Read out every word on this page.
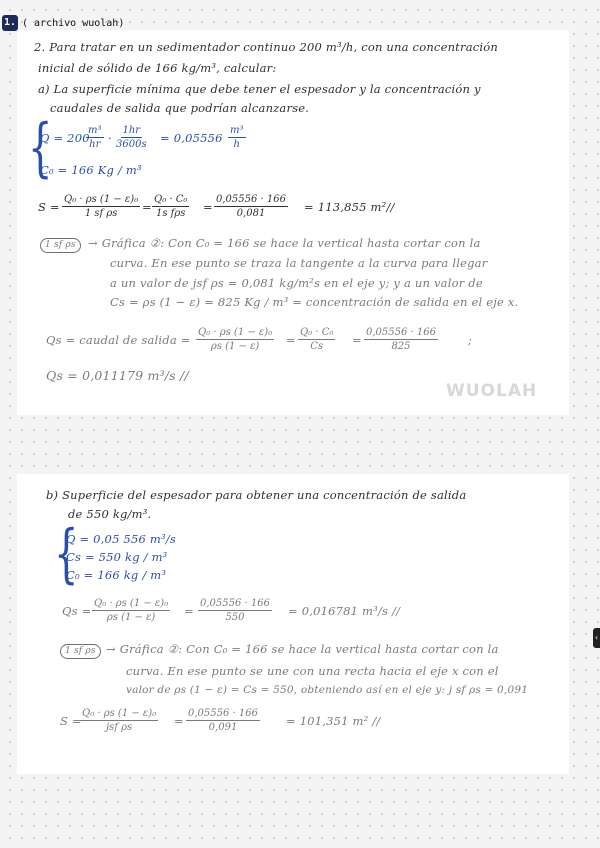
1. ( archivo wuolah)
2. Para tratar en un sedimentador continuo 200 m³/h, con una concentración
inicial de sólido de 166 kg/m³, calcular:
a) La superficie mínima que debe tener el espesador y la concentración y
caudales de salida que podrían alcanzarse.
{
Q = 200
$\frac{\text{m³}}{hr} \cdot \frac{1hr}{3600s} = 0,05556 \frac{\text{m³}}{h}$
C₀ = 166 Kg / m³
$S = \frac{\text{Q₀ · ρs (1 − ε)₀}}{\text{1 sf ρs}}$ =
Q₀ · C₀
1s $f\rho s = \frac{0,05556 \cdot 166}{0,081} = 113,855$ m²//
1 sf ρs	→ Gráfica ②: Con C₀ = 166 se hace la vertical hasta cortar con la
curva. En ese punto se traza la tangente a la curva para llegar
a un valor de jsf ρs = 0,081 kg/m²s en el eje y; y a un valor de
Cs = ρs (1 − ε) = 825 Kg / m³ = concentración de salida en el eje x.
Qs = caudal de salida = $\frac{\text{Q₀ · ρs (1 − ε)₀}}{\rho s (1 - \varepsilon)} = \frac{\text{Q₀ · C₀}}{Cs} = \frac{0,05556 \cdot 166}{825}$	;
Qs = 0,011179 m³/s //
WUOLAH
b) Superficie del espesador para obtener una concentración de salida
de 550 kg/m³.
{
Q = 0,05 556 m³/s
Cs = 550 kg / m³
C₀ = 166 kg / m³
$Qs = \frac{\text{Q₀ · ρs (1 − ε)₀}}{\rho s (1 - \varepsilon)} = \frac{0,05556 \cdot 166}{550} = 0,016781$ m³/s //
1 sf ρs → Gráfica ②: Con C₀ = 166 se hace la vertical hasta cortar con la
curva. En ese punto se une con una recta hacia el eje x con el
valor de ρs (1 − ε) = Cs = 550, obteniendo así en el eje y: j sf ρs = 0,091
S =
Q₀ · ρs (1 − ε)₀
jsf ρs	= $\frac{0,05556 \cdot 166}{0,091} = 101,351$ m² //
‹
